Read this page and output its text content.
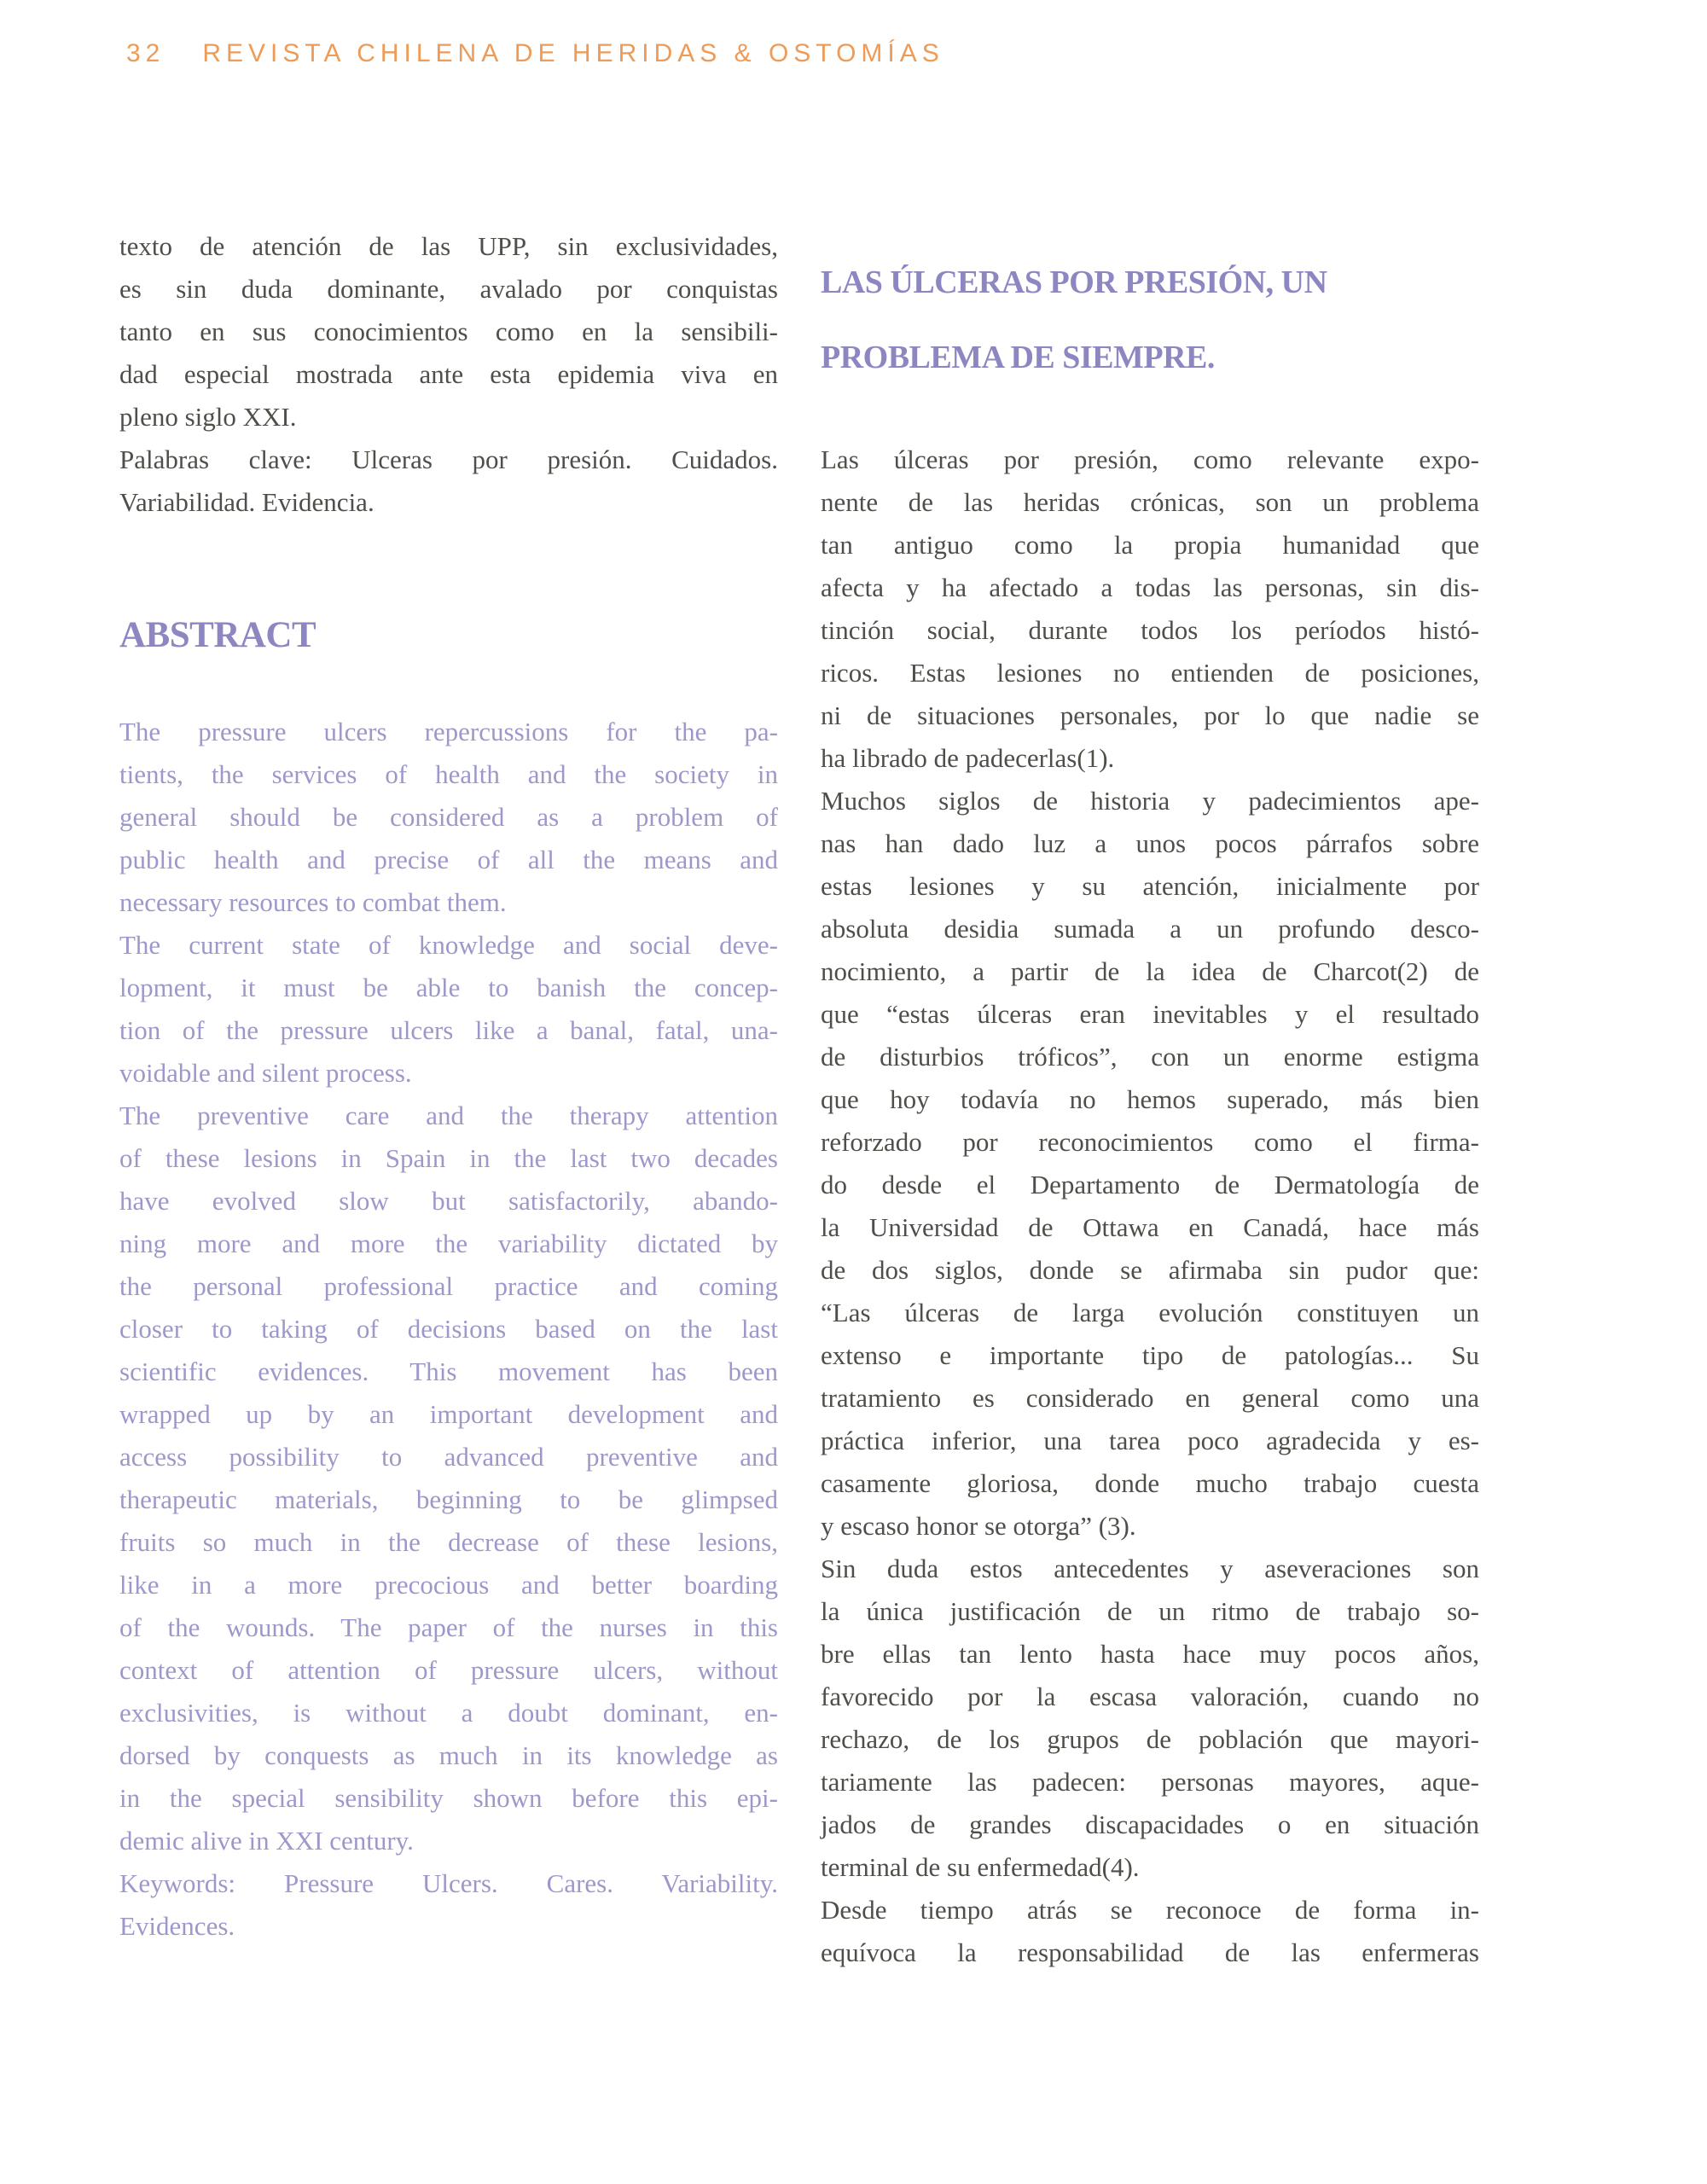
32 REVISTA CHILENA DE HERIDAS & OSTOMÍAS
texto de atención de las UPP, sin exclusividades,
es sin duda dominante, avalado por conquistas
tanto en sus conocimientos como en la sensibili-
dad especial mostrada ante esta epidemia viva en
pleno siglo XXI.
Palabras clave: Ulceras por presión. Cuidados.
Variabilidad. Evidencia.
ABSTRACT
The pressure ulcers repercussions for the pa-
tients, the services of health and the society in
general should be considered as a problem of
public health and precise of all the means and
necessary resources to combat them.
The current state of knowledge and social deve-
lopment, it must be able to banish the concep-
tion of the pressure ulcers like a banal, fatal, una-
voidable and silent process.
The preventive care and the therapy attention
of these lesions in Spain in the last two decades
have evolved slow but satisfactorily, abando-
ning more and more the variability dictated by
the personal professional practice and coming
closer to taking of decisions based on the last
scientific evidences. This movement has been
wrapped up by an important development and
access possibility to advanced preventive and
therapeutic materials, beginning to be glimpsed
fruits so much in the decrease of these lesions,
like in a more precocious and better boarding
of the wounds. The paper of the nurses in this
context of attention of pressure ulcers, without
exclusivities, is without a doubt dominant, en-
dorsed by conquests as much in its knowledge as
in the special sensibility shown before this epi-
demic alive in XXI century.
Keywords: Pressure Ulcers. Cares. Variability.
Evidences.
LAS ÚLCERAS POR PRESIÓN, UN
PROBLEMA DE SIEMPRE.
Las úlceras por presión, como relevante expo-
nente de las heridas crónicas, son un problema
tan antiguo como la propia humanidad que
afecta y ha afectado a todas las personas, sin dis-
tinción social, durante todos los períodos histó-
ricos. Estas lesiones no entienden de posiciones,
ni de situaciones personales, por lo que nadie se
ha librado de padecerlas(1).
Muchos siglos de historia y padecimientos ape-
nas han dado luz a unos pocos párrafos sobre
estas lesiones y su atención, inicialmente por
absoluta desidia sumada a un profundo desco-
nocimiento, a partir de la idea de Charcot(2) de
que “estas úlceras eran inevitables y el resultado
de disturbios tróficos”, con un enorme estigma
que hoy todavía no hemos superado, más bien
reforzado por reconocimientos como el firma-
do desde el Departamento de Dermatología de
la Universidad de Ottawa en Canadá, hace más
de dos siglos, donde se afirmaba sin pudor que:
“Las úlceras de larga evolución constituyen un
extenso e importante tipo de patologías... Su
tratamiento es considerado en general como una
práctica inferior, una tarea poco agradecida y es-
casamente gloriosa, donde mucho trabajo cuesta
y escaso honor se otorga” (3).
Sin duda estos antecedentes y aseveraciones son
la única justificación de un ritmo de trabajo so-
bre ellas tan lento hasta hace muy pocos años,
favorecido por la escasa valoración, cuando no
rechazo, de los grupos de población que mayori-
tariamente las padecen: personas mayores, aque-
jados de grandes discapacidades o en situación
terminal de su enfermedad(4).
Desde tiempo atrás se reconoce de forma in-
equívoca la responsabilidad de las enfermeras
